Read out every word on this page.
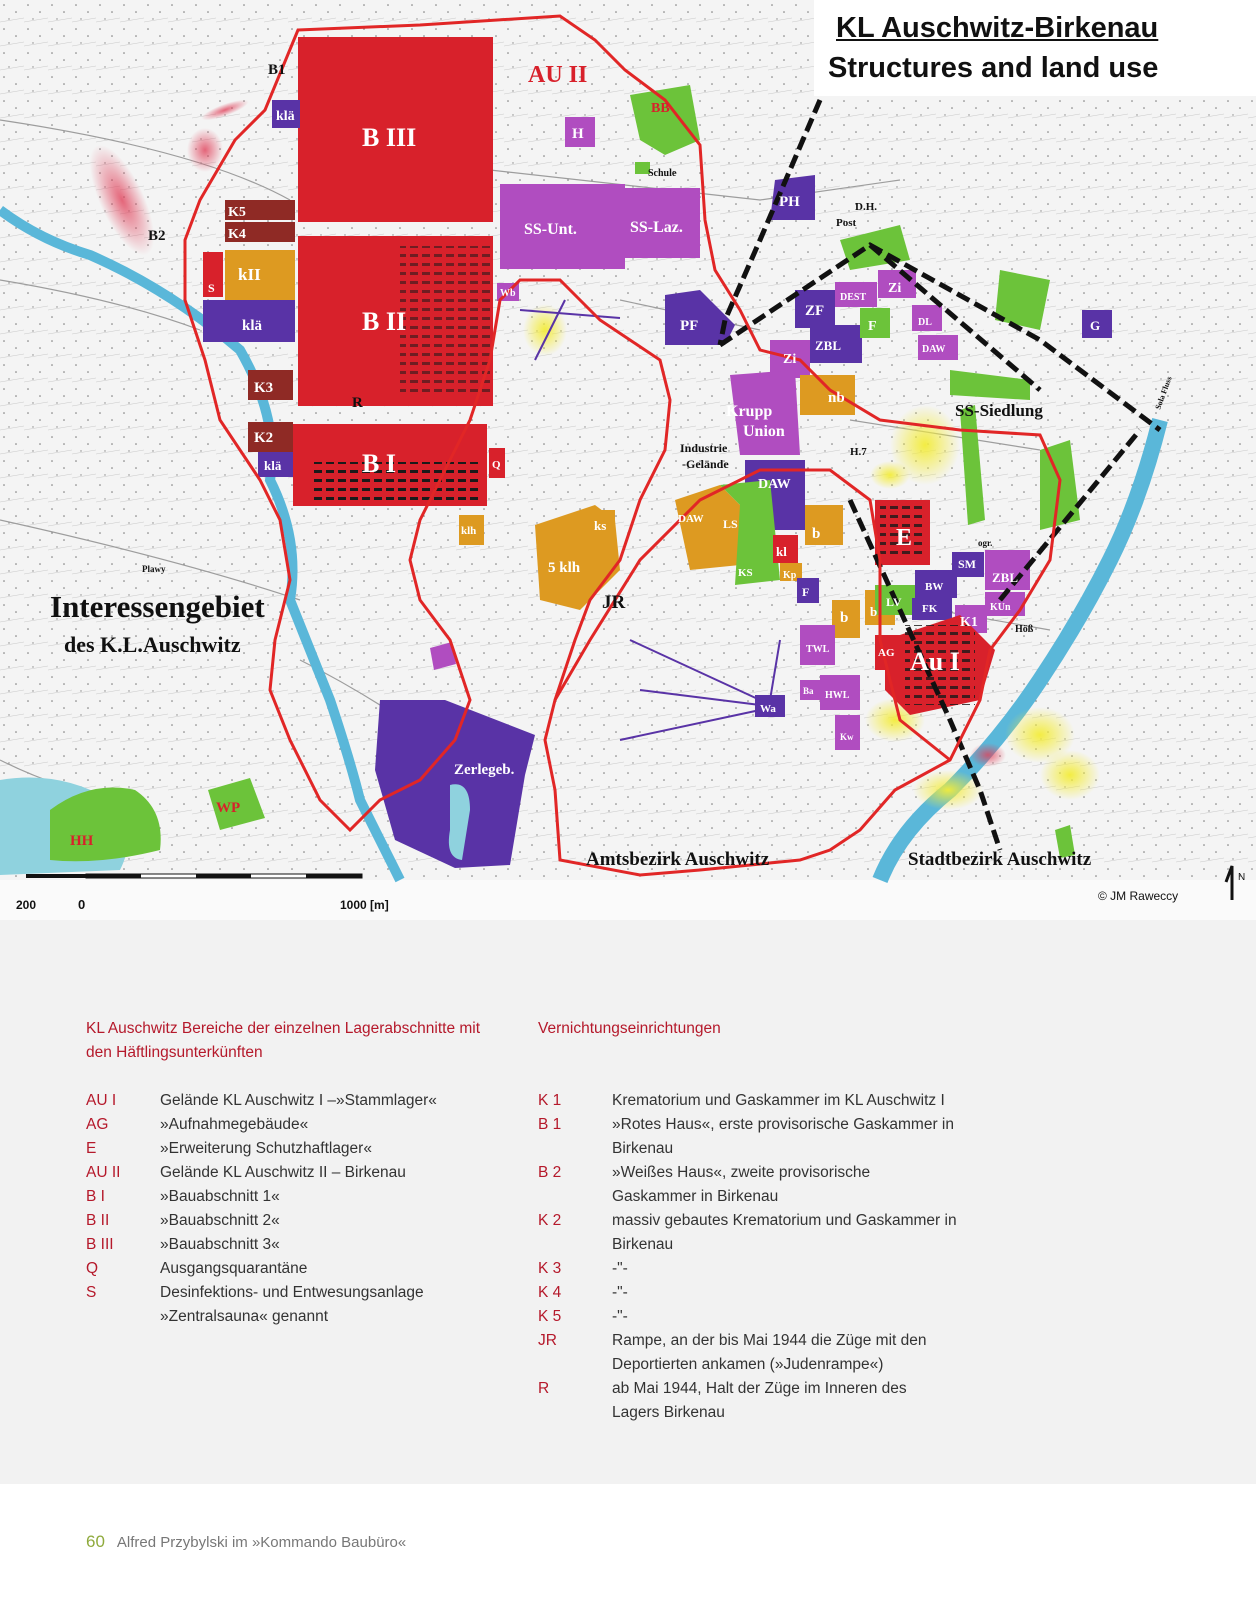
200	0	1000 [m]
N
AU II
B III
B II
B I
Au I
B1
B2
klä
K5
K4
kII
S
klä
K3
R
K2
klä	Q
klh
SS-Unt.	SS-Laz.
H
BB
Schule
PH	D.H.
Post
Wb
PF
ZF
DEST
Zi
Zi
F	DL
DAW
ZBL
nb
Krupp
Union
Industrie
-Gelände
H.7
DAW
DAW LS
KS
ks
5 klh
JR
b
kl
Kp
F
b b
E
SM
ogr.
ZBL
BW
FK	KUn
LV
K1
AG
TWL
HWL
Kw
Ba
Wa
G
SS-Siedlung	Sola Fluss
Höß
Zerlegeb.
WP
HH
Plawy
Interessengebiet
des K.L.Auschwitz
Amtsbezirk Auschwitz	Stadtbezirk Auschwitz
KL Auschwitz-Birkenau
Structures and land use
© JM Raweccy
KL Auschwitz Bereiche der einzelnen Lagerabschnitte mit den Häftlingsunterkünften
AU I	Gelände KL Auschwitz I –»Stammlager«
AG	»Aufnahmegebäude«
E	»Erweiterung Schutzhaftlager«
AU II	Gelände KL Auschwitz II – Birkenau
B I	»Bauabschnitt 1«
B II	»Bauabschnitt 2«
B III	»Bauabschnitt 3«
Q	Ausgangsquarantäne
S	Desinfektions- und Entwesungsanlage »Zentralsauna« genannt
Vernichtungseinrichtungen
K 1	Krematorium und Gaskammer im KL Auschwitz I
B 1	»Rotes Haus«, erste provisorische Gaskammer in Birkenau
B 2	»Weißes Haus«, zweite provisorische Gaskammer in Birkenau
K 2	massiv gebautes Krematorium und Gaskammer in Birkenau
K 3	-"-
K 4	-"-
K 5	-"-
JR	Rampe, an der bis Mai 1944 die Züge mit den Deportierten ankamen (»Judenrampe«)
R	ab Mai 1944, Halt der Züge im Inneren des Lagers Birkenau
60 Alfred Przybylski im »Kommando Baubüro«
